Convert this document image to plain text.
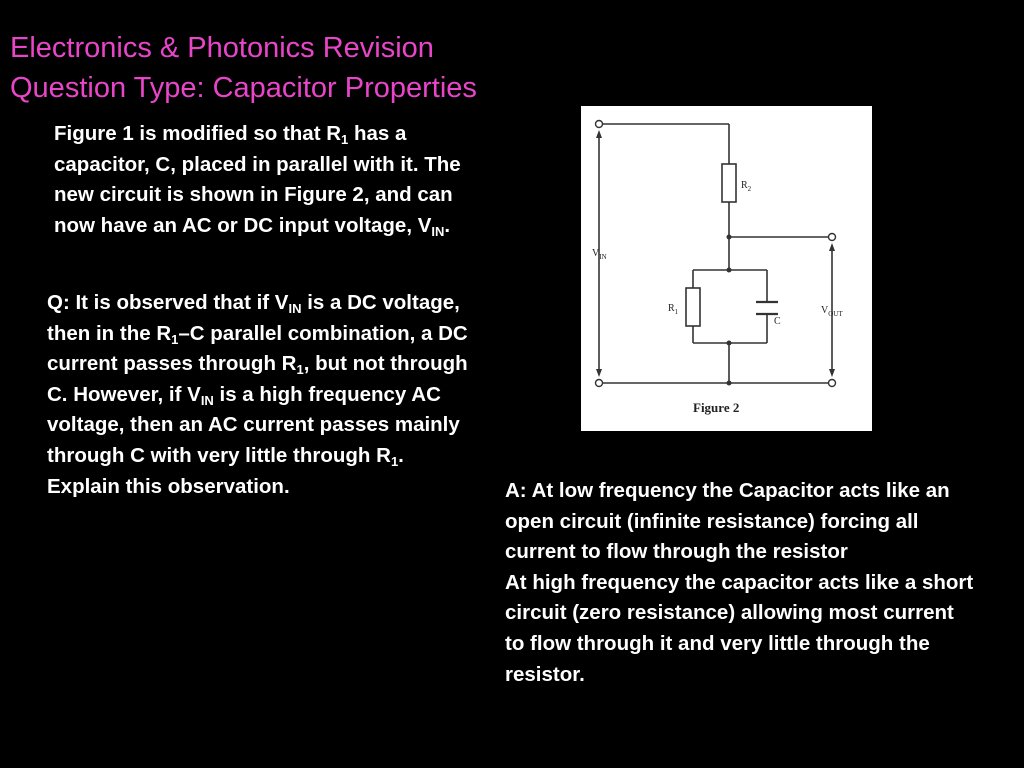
Electronics & Photonics Revision
Question Type: Capacitor Properties
Figure 1 is modified so that $R_1$ has a capacitor, C, placed in parallel with it. The new circuit is shown in Figure 2, and can now have an AC or DC input voltage, $V_{IN}$.
Q: It is observed that if $V_{IN}$ is a DC voltage, then in the $R_1-C$ parallel combination, a DC current passes through $R_1$, but not through C. However, if $V_{IN}$ is a high frequency AC voltage, then an AC current passes mainly through C with very little through $R_1$. Explain this observation.	A: At low frequency the Capacitor acts like an open circuit (infinite resistance) forcing all current to flow through the resistor
At high frequency the capacitor acts like a short circuit (zero resistance) allowing most current to flow through it and very little through the resistor.
$R_2$
$R_1$
C
$V_{IN}$
$V_{OUT}$
Figure 2
